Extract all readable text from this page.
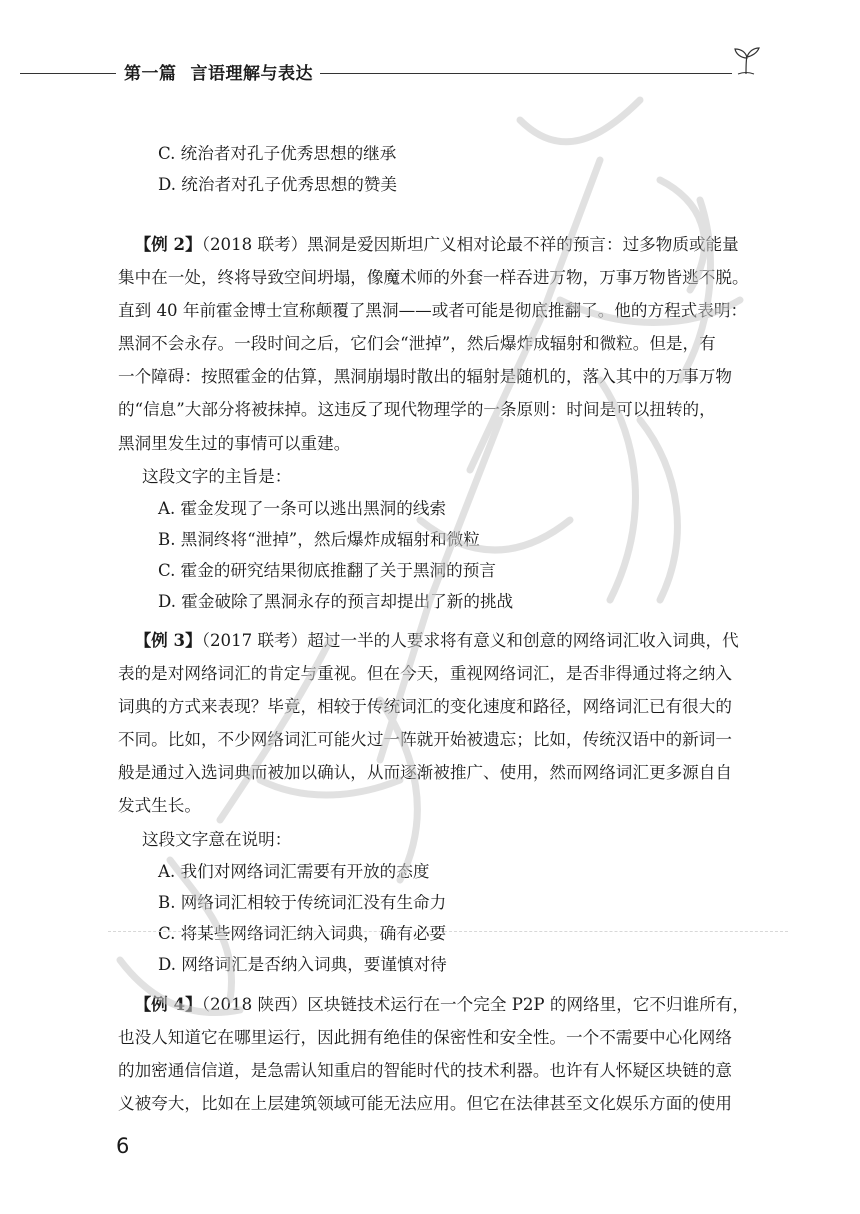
第一篇 言语理解与表达

C. 统治者对孔子优秀思想的继承

D. 统治者对孔子优秀思想的赞美

【例 2】（2018 联考）黑洞是爱因斯坦广义相对论最不祥的预言：过多物质或能量

集中在一处，终将导致空间坍塌，像魔术师的外套一样吞进万物，万事万物皆逃不脱。

直到 40 年前霍金博士宣称颠覆了黑洞——或者可能是彻底推翻了。他的方程式表明：

黑洞不会永存。一段时间之后，它们会“泄掉”，然后爆炸成辐射和微粒。但是，有

一个障碍：按照霍金的估算，黑洞崩塌时散出的辐射是随机的，落入其中的万事万物

的“信息”大部分将被抹掉。这违反了现代物理学的一条原则：时间是可以扭转的，

黑洞里发生过的事情可以重建。

这段文字的主旨是：

A. 霍金发现了一条可以逃出黑洞的线索

B. 黑洞终将“泄掉”，然后爆炸成辐射和微粒

C. 霍金的研究结果彻底推翻了关于黑洞的预言

D. 霍金破除了黑洞永存的预言却提出了新的挑战

【例 3】（2017 联考）超过一半的人要求将有意义和创意的网络词汇收入词典，代

表的是对网络词汇的肯定与重视。但在今天，重视网络词汇，是否非得通过将之纳入

词典的方式来表现？毕竟，相较于传统词汇的变化速度和路径，网络词汇已有很大的

不同。比如，不少网络词汇可能火过一阵就开始被遗忘；比如，传统汉语中的新词一

般是通过入选词典而被加以确认，从而逐渐被推广、使用，然而网络词汇更多源自自

发式生长。

这段文字意在说明：

A. 我们对网络词汇需要有开放的态度

B. 网络词汇相较于传统词汇没有生命力

C. 将某些网络词汇纳入词典，确有必要

D. 网络词汇是否纳入词典，要谨慎对待

【例 4】（2018 陕西）区块链技术运行在一个完全 P2P 的网络里，它不归谁所有，

也没人知道它在哪里运行，因此拥有绝佳的保密性和安全性。一个不需要中心化网络

的加密通信信道，是急需认知重启的智能时代的技术利器。也许有人怀疑区块链的意

义被夸大，比如在上层建筑领域可能无法应用。但它在法律甚至文化娱乐方面的使用

6
